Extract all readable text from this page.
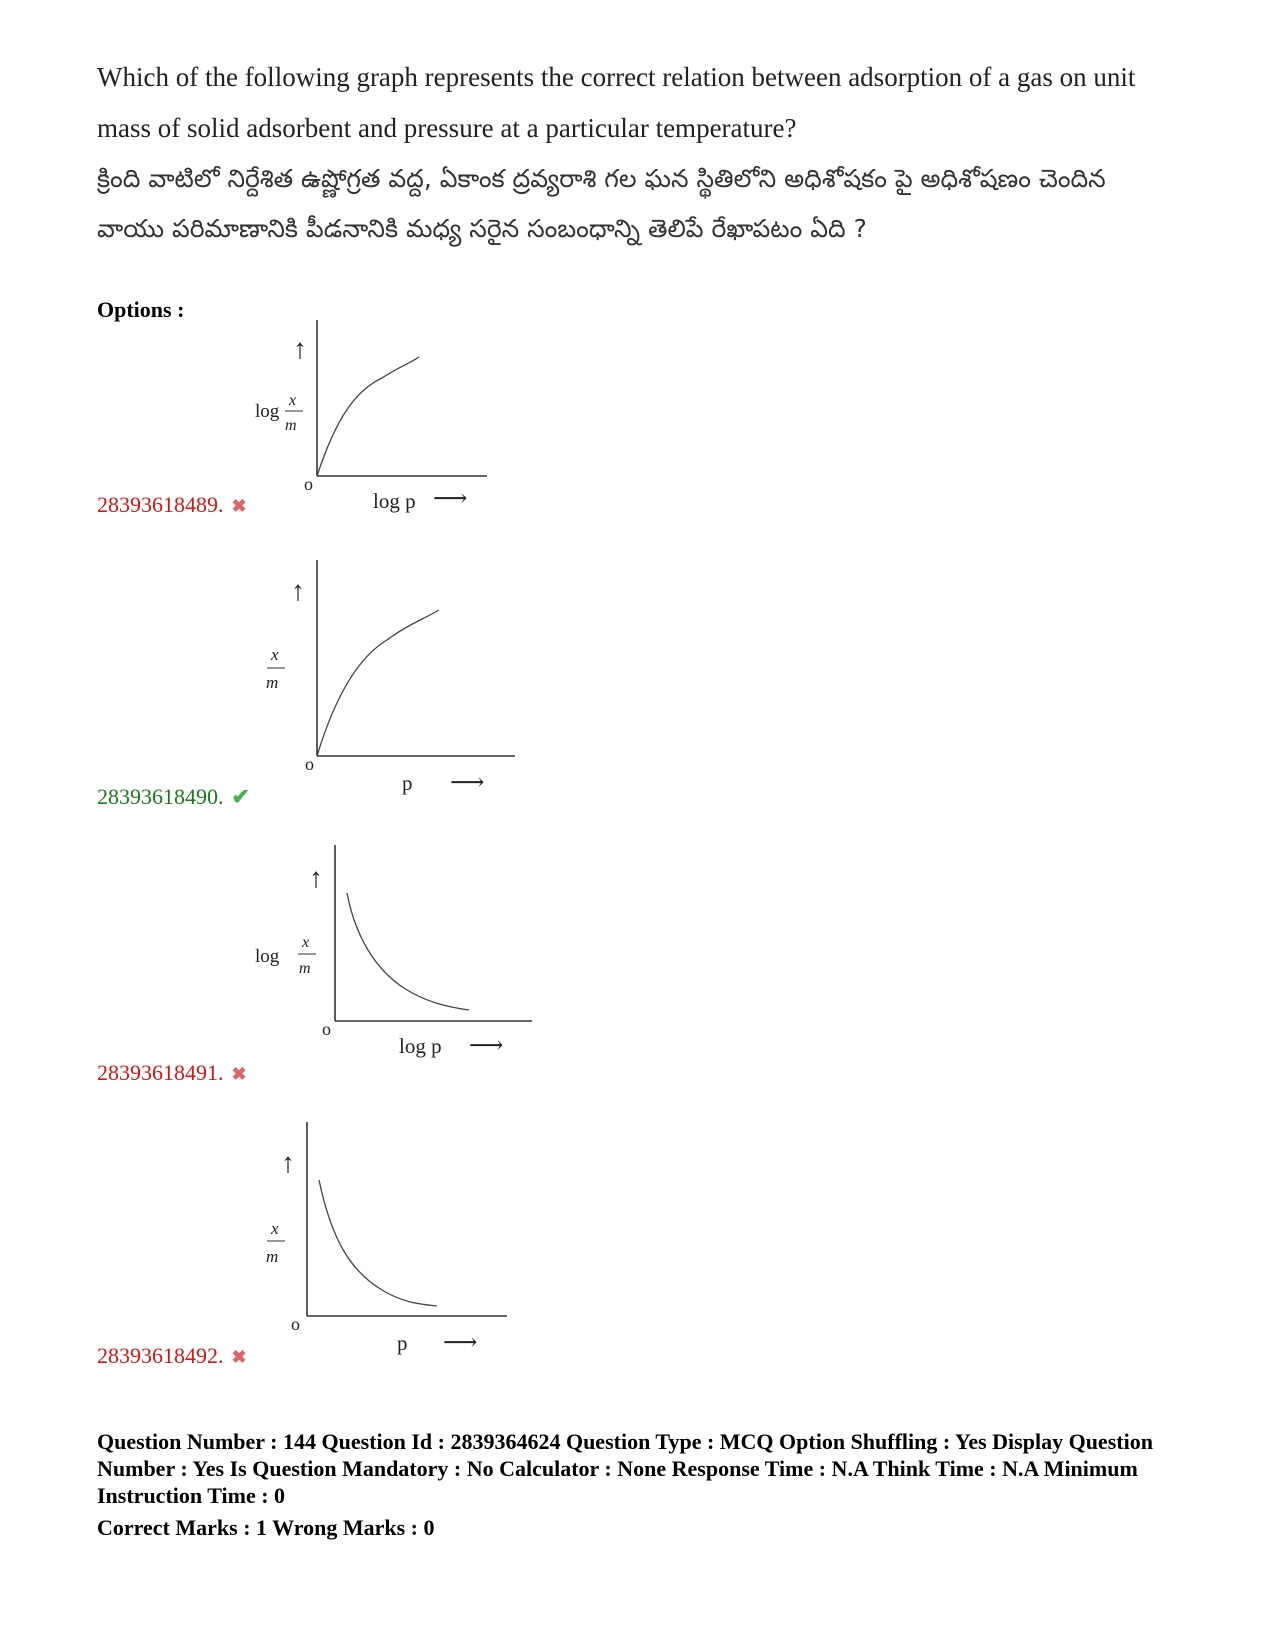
Which of the following graph represents the correct relation between adsorption of a gas on unit mass of solid adsorbent and pressure at a particular temperature?

క్రింది వాటిలో నిర్దేశిత ఉష్ణోగ్రత వద్ద, ఏకాంక ద్రవ్యరాశి గల ఘన స్థితిలోని అధిశోషకం పై అధిశోషణం చెందిన వాయు పరిమాణానికి పీడనానికి మధ్య సరైన సంబంధాన్ని తెలిపే రేఖాపటం ఏది ?

Options :

↑
log
x
m
o
log p ⟶
28393618489. ✖
↑
x
m
o
p ⟶
28393618490. ✔
↑
log
x
m
o
log p ⟶
28393618491. ✖
↑
x
m
o
p ⟶
28393618492. ✖

Question Number : 144 Question Id : 2839364624 Question Type : MCQ Option Shuffling : Yes Display Question Number : Yes Is Question Mandatory : No Calculator : None Response Time : N.A Think Time : N.A Minimum Instruction Time : 0

Correct Marks : 1 Wrong Marks : 0
